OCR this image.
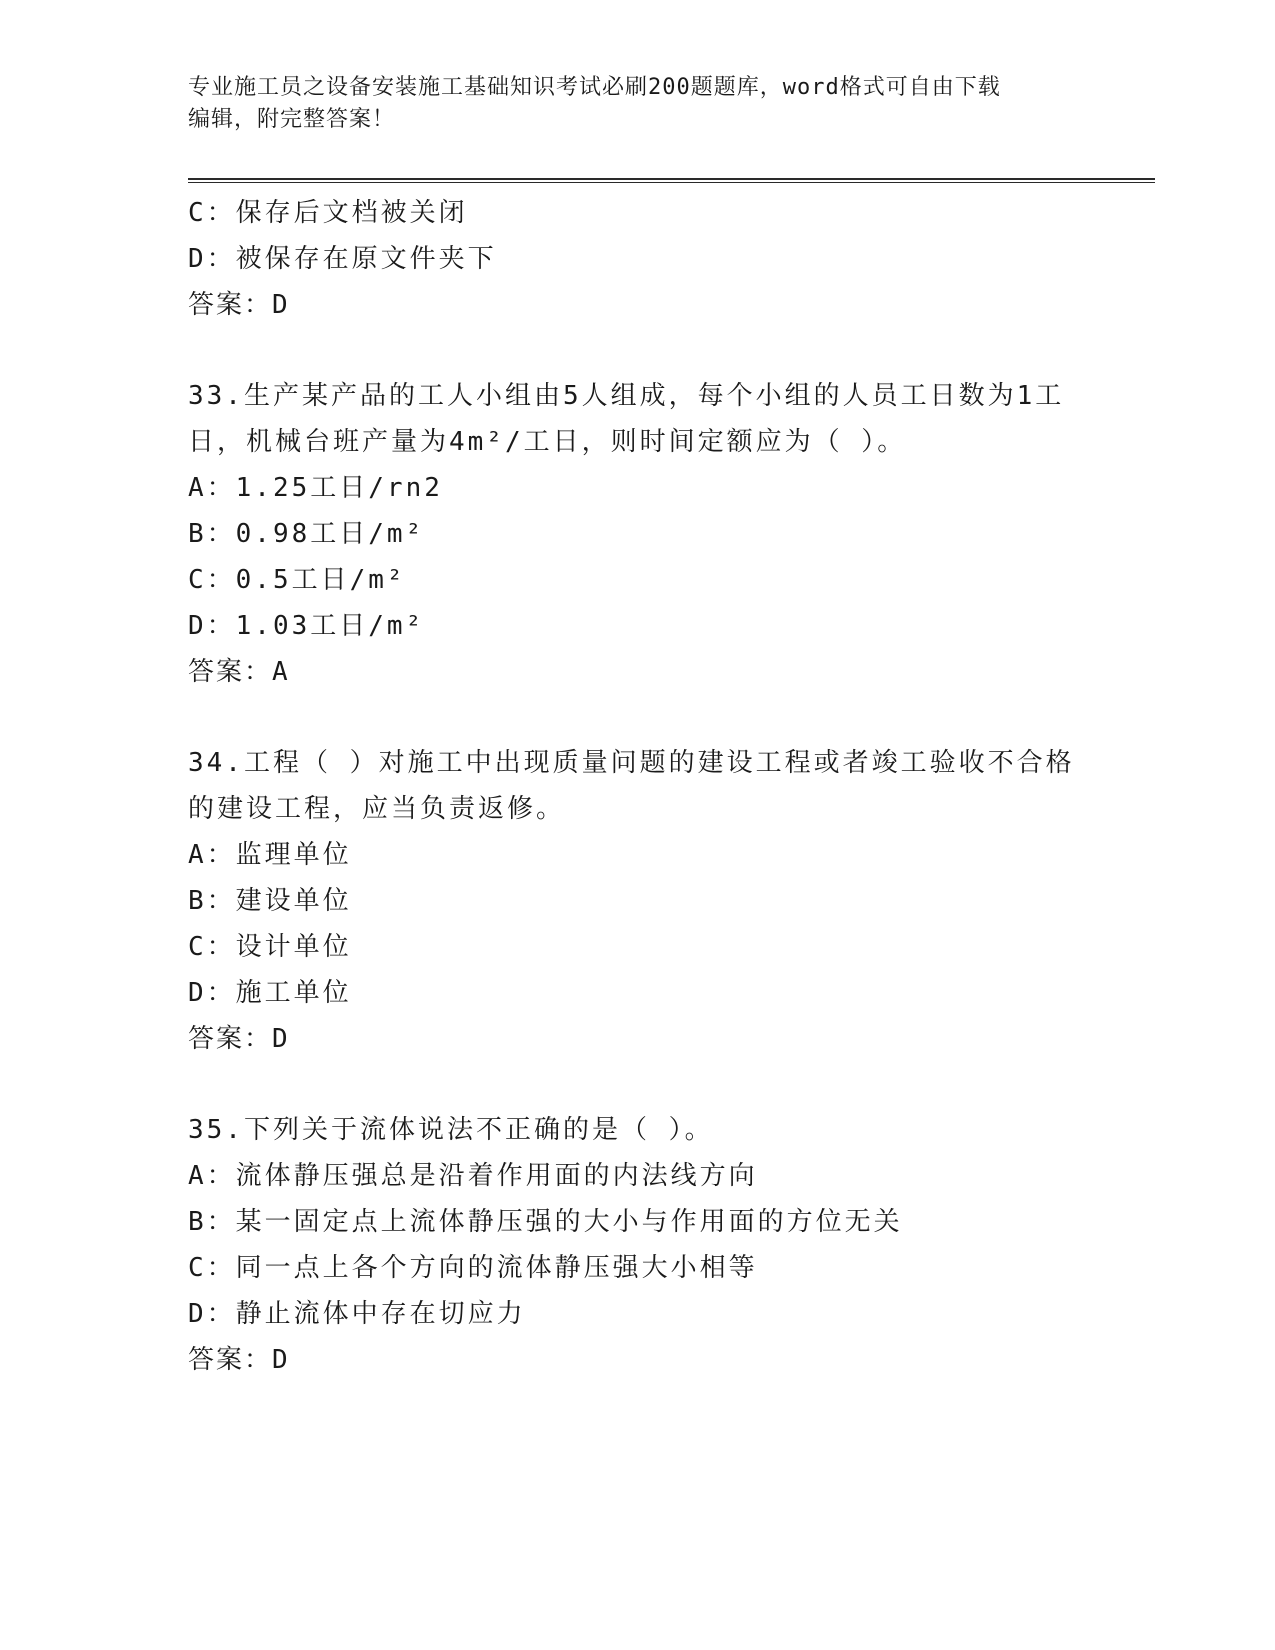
专业施工员之设备安装施工基础知识考试必刷200题题库，word格式可自由下载
编辑，附完整答案！
C：保存后文档被关闭
D：被保存在原文件夹下
答案：D
33.生产某产品的工人小组由5人组成，每个小组的人员工日数为1工
日，机械台班产量为4m²/工日，则时间定额应为（ ）。
A：1.25工日/rn2
B：0.98工日/m²
C：0.5工日/m²
D：1.03工日/m²
答案：A
34.工程（ ）对施工中出现质量问题的建设工程或者竣工验收不合格
的建设工程，应当负责返修。
A：监理单位
B：建设单位
C：设计单位
D：施工单位
答案：D
35.下列关于流体说法不正确的是（ ）。
A：流体静压强总是沿着作用面的内法线方向
B：某一固定点上流体静压强的大小与作用面的方位无关
C：同一点上各个方向的流体静压强大小相等
D：静止流体中存在切应力
答案：D
